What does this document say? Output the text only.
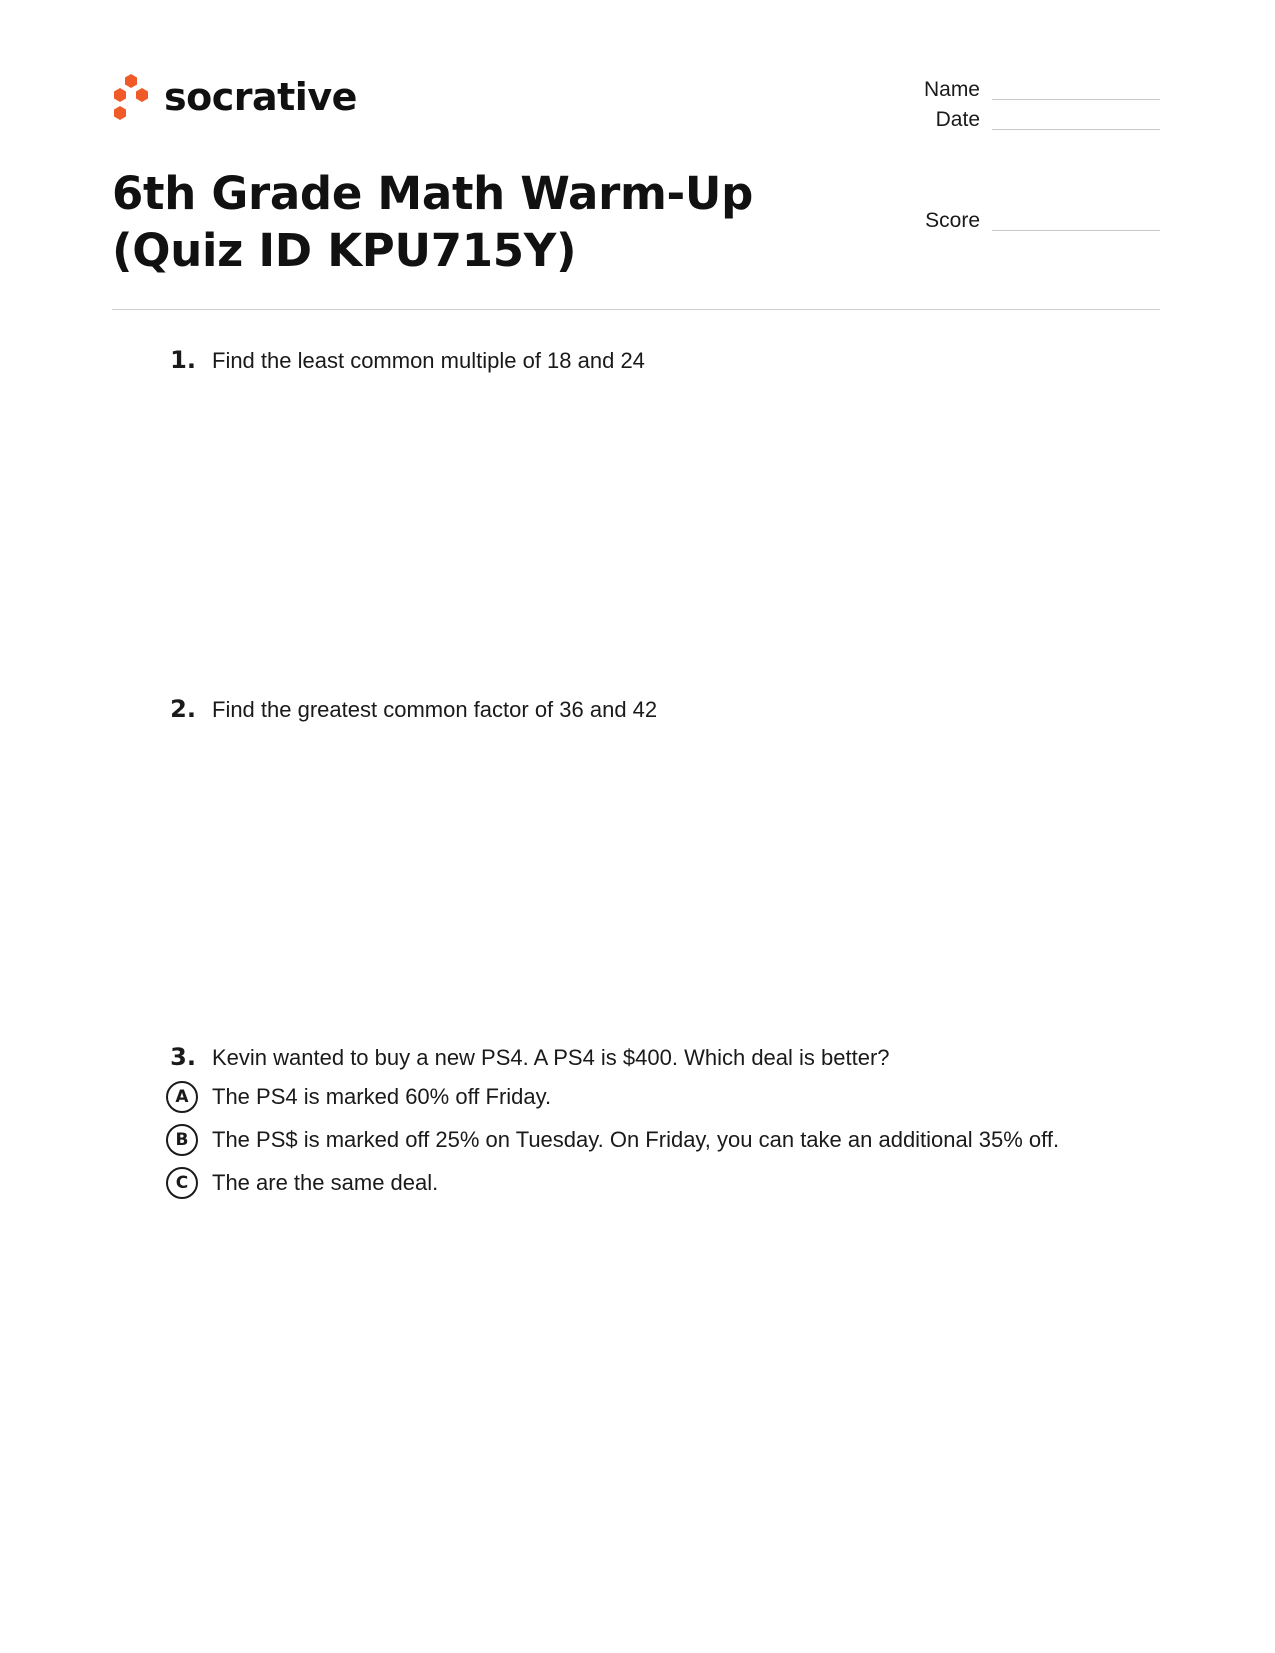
socrative
6th Grade Math Warm-Up (Quiz ID KPU715Y)
Name
Date
Score
1. Find the least common multiple of 18 and 24
2. Find the greatest common factor of 36 and 42
3. Kevin wanted to buy a new PS4. A PS4 is $400. Which deal is better?
A	The PS4 is marked 60% off Friday.
B	The PS$ is marked off 25% on Tuesday. On Friday, you can take an additional 35% off.
C	The are the same deal.
